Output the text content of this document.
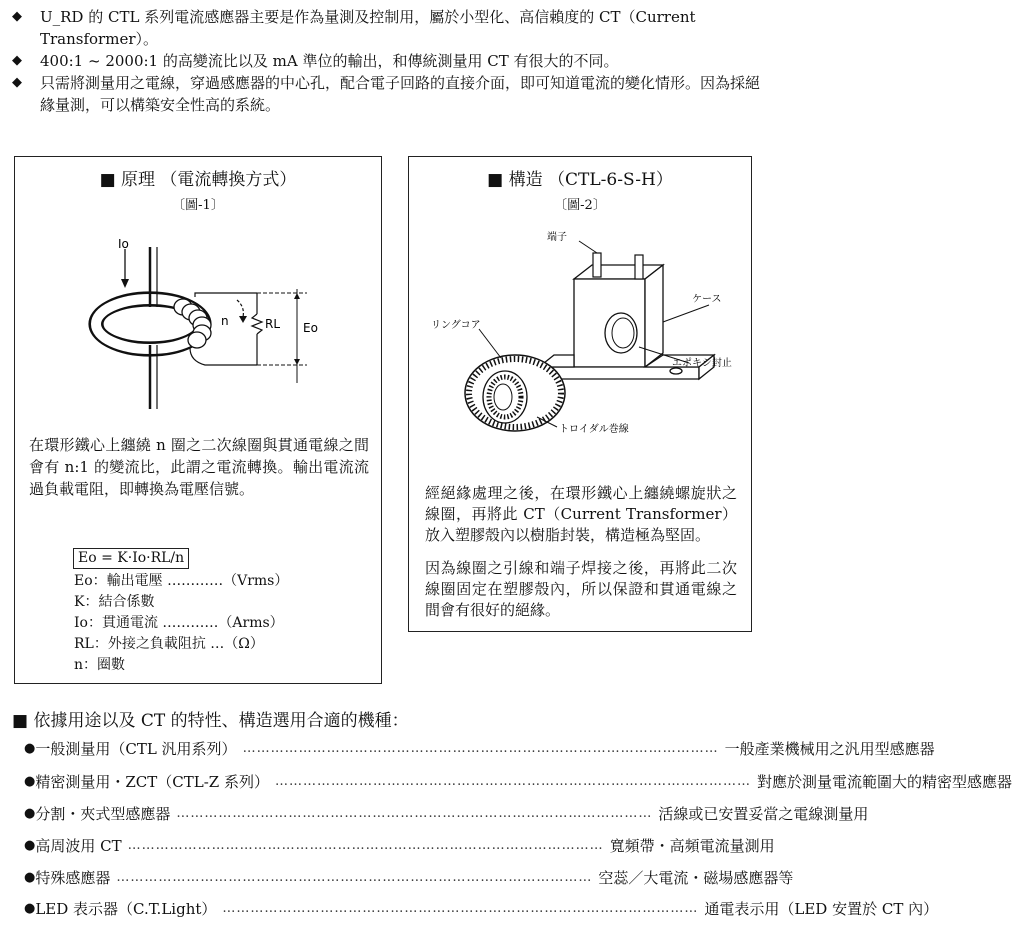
◆	U_RD 的 CTL 系列電流感應器主要是作為量測及控制用，屬於小型化、高信賴度的 CT（Current Transformer）。
◆	400:1 ~ 2000:1 的高變流比以及 mA 準位的輸出，和傳統測量用 CT 有很大的不同。
◆	只需將測量用之電線，穿過感應器的中心孔，配合電子回路的直接介面，即可知道電流的變化情形。因為採絕緣量測，可以構築安全性高的系統。
■ 原理 （電流轉換方式）
〔圖-1〕
Io
n	RL Eo
在環形鐵心上纏繞 n 圈之二次線圈與貫通電線之間會有 n:1 的變流比，此謂之電流轉換。輸出電流流過負載電阻，即轉換為電壓信號。
Eo = K·Io·RL/n
Eo：輸出電壓 …………（Vrms）
K：結合係數
Io：貫通電流 …………（Arms）
RL：外接之負載阻抗 …（Ω）
n：圈數
■ 構造 （CTL-6-S-H）
〔圖-2〕
端子
ケース
リングコア
エポキシ封止
トロイダル巻線
經絕緣處理之後，在環形鐵心上纏繞螺旋狀之線圈，再將此 CT（Current Transformer）放入塑膠殼內以樹脂封裝，構造極為堅固。
因為線圈之引線和端子焊接之後，再將此二次線圈固定在塑膠殼內，所以保證和貫通電線之間會有很好的絕緣。
■ 依據用途以及 CT 的特性、構造選用合適的機種：
● 一般測量用（CTL 汎用系列） ………………………………………………………………………………………… 一般產業機械用之汎用型感應器
● 精密測量用・ZCT（CTL-Z 系列） ………………………………………………………………………………………… 對應於測量電流範圍大的精密型感應器
● 分割・夾式型感應器 ………………………………………………………………………………………… 活線或已安置妥當之電線測量用
● 高周波用 CT ………………………………………………………………………………………… 寬頻帶・高頻電流量測用
● 特殊感應器 ………………………………………………………………………………………… 空蕊／大電流・磁場感應器等
● LED 表示器（C.T.Light） ………………………………………………………………………………………… 通電表示用（LED 安置於 CT 內）
